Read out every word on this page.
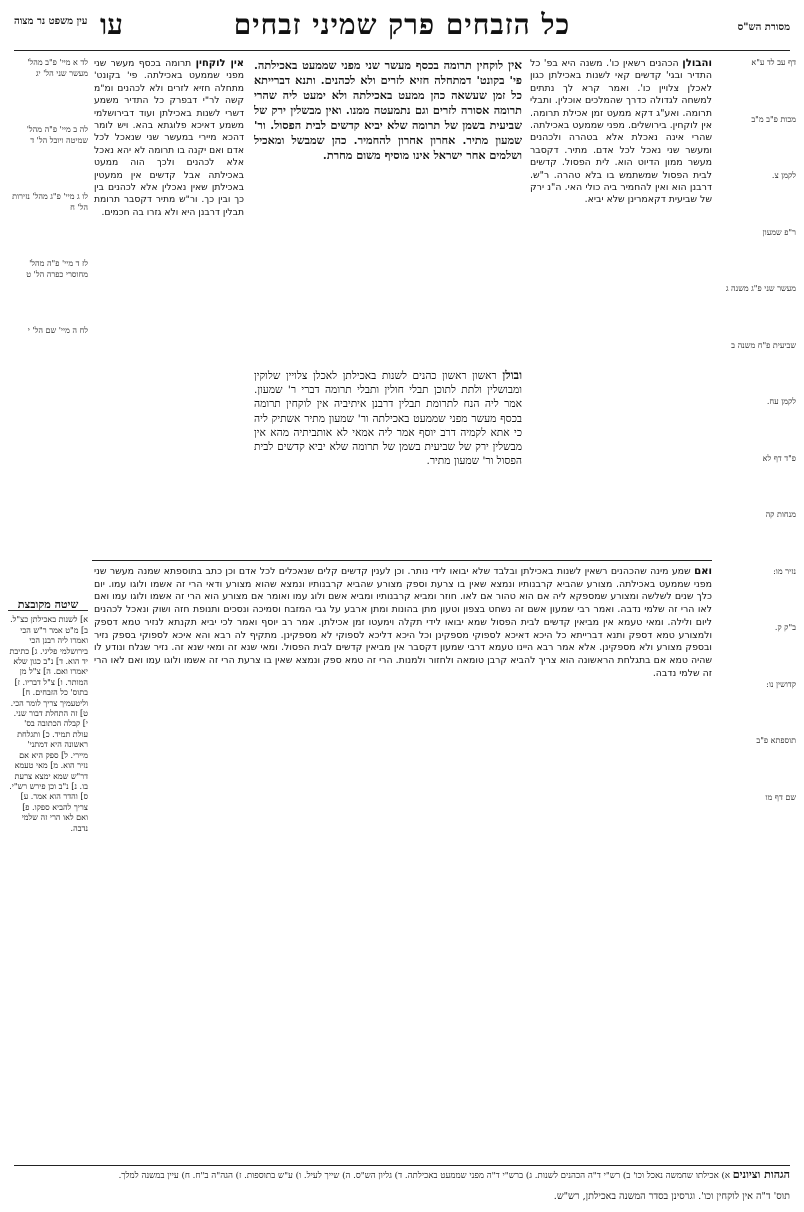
מסורת הש"ס
כל הזבחים פרק שמיני זבחים
עו
עין משפט נר מצוה
דף עב לד ע"א
מכות פ"ב מ"ב
לקמן צ.
ר"פ שמעון
מעשר שני פ"ג משנה ג
שביעית פ"ח משנה ב
לקמן עח.
פ"ד דף לא
מנחות קה
נזיר מו:
ב"ק ק.
קדושין נו:
תוספתא פ"ב
שם דף מו
אין לוקחין תרומה בכסף מעשר שני מפני שממעט באכילתה. פי' בקונט' מתחלה חזיא לזרים ולא לכהנים ומ"מ קשה לר"י דבפרק כל התדיר משמע דשרי לשנות באכילתן ועוד דבירושלמי משמע דאיכא פלוגתא בהא. ויש לומר דהכא מיירי במעשר שני שנאכל לכל אדם ואם יקנה בו תרומה לא יהא נאכל אלא לכהנים ולכך הוה ממעט באכילתה אבל קדשים אין ממעטין באכילתן שאין נאכלין אלא לכהנים בין כך ובין כך. ור"ש מתיר דקסבר תרומת תבלין דרבנן היא ולא גזרו בה חכמים.
אין לוקחין תרומה בכסף מעשר שני מפני שממעט באכילתה. פי' בקונט' דמתחלה חזיא לזרים ולא לכהנים. ותנא דברייתא כל זמן שעשאה כהן ממעט באכילתה ולא ימעט ליה שהרי תרומה אסורה לזרים וגם נתמעטה ממנו. ואין מבשלין ירק של שביעית בשמן של תרומה שלא יביא קדשים לבית הפסול. ור' שמעון מתיר. אחרון אחרון להחמיר. כהן שמבשל ומאכיל ושלמים אחר ישראל אינו מוסיף משום מחרת.
ובולן ראשון ראשון כהנים לשנות באכילתן לאכלן צלויין שלוקין ומבושלין ולתת לתוכן תבלי חולין ותבלי תרומה דברי ר' שמעון. אמר ליה הנח לתרומת תבלין דרבנן איתיביה אין לוקחין תרומה בכסף מעשר מפני שממעט באכילתה ור' שמעון מתיר אשתיק ליה כי אתא לקמיה דרב יוסף אמר ליה אמאי לא אותביתיה מהא אין מבשלין ירק של שביעית בשמן של תרומה שלא יביא קדשים לבית הפסול ור' שמעון מתיר.
והבולן הכהנים רשאין כו'. משנה היא בפ' כל התדיר ובגי' קדשים קאי לשנות באכילתן כגון לאכלן צלויין כו'. ואמר קרא לך נתתים למשחה לגדולה כדרך שהמלכים אוכלין. ותבלי תרומה. ואע"ג דקא ממעט זמן אכילת תרומה. אין לוקחין. בירושלים. מפני שממעט באכילתה. שהרי אינה נאכלת אלא בטהרה ולכהנים ומעשר שני נאכל לכל אדם. מתיר. דקסבר מעשר ממון הדיוט הוא. לית הפסול. קדשים לבית הפסול שמשתמש בו בלא טהרה. ר"ש. דרבנן הוא ואין להחמיר ביה כולי האי. ה"נ ירק של שביעית דקאמרינן שלא יביא.
ואם שמע מינה שהכהנים רשאין לשנות באכילתן ובלבד שלא יבואו לידי נותר. וכן לענין קדשים קלים שנאכלים לכל אדם וכן כתב בתוספתא שמנה מעשר שני מפני שממעט באכילתה. מצורע שהביא קרבנותיו ונמצא שאין בו צרעת וספק מצורע שהביא קרבנותיו ונמצא שהוא מצורע ודאי הרי זה אשמו ולוגו עמו. יום כלך שנים לשלשה ומצורע שמספקא ליה אם הוא טהור אם לאו. חוזר ומביא קרבנותיו ומביא אשם ולוג עמו ואומר אם מצורע הוא הרי זה אשמו ולוגו עמו ואם לאו הרי זה שלמי נדבה. ואמר רבי שמעון אשם זה נשחט בצפון וטעון מתן בהונות ומתן ארבע על גבי המזבח וסמיכה ונסכים ותנופת חזה ושוק ונאכל לכהנים ליום ולילה. ומאי טעמא אין מביאין קדשים לבית הפסול שמא יבואו לידי תקלה וימעטו זמן אכילתן. אמר רב יוסף ואמר לכי יביא תקנתא לנזיר טמא דספק ולמצורע טמא דספק ותנא דברייתא כל היכא דאיכא לספוקי מספקינן וכל היכא דליכא לספוקי לא מספקינן. מתקיף לה רבא והא איכא לספוקי בספק נזיר ובספק מצורע ולא מספקינן. אלא אמר רבא היינו טעמא דרבי שמעון דקסבר אין מביאין קדשים לבית הפסול. ומאי שנא זה ומאי שנא זה. נזיר שגלח ונודע לו שהיה טמא אם בתגלחת הראשונה הוא צריך להביא קרבן טומאה ולחזור ולמנות. הרי זה טמא ספק ונמצא שאין בו צרעת הרי זה אשמו ולוגו עמו ואם לאו הרי זה שלמי נדבה.
לד א מיי' פ"ב מהל' מעשר שני הל' יג
לה ב מיי' פ"ה מהל' שמיטה ויובל הל' ד
לו ג מיי' פ"ג מהל' נזירות הל' ח
לז ד מיי' פ"ה מהל' מחוסרי כפרה הל' ט
לח ה מיי' שם הל' י
שיטה מקובצת
א] לשנות באכילתן כצ"ל. ב] מ"ט אמר ר"ש הכי ואמרו ליה רבנן הכי בירושלמי פליגי. ג] כתיבת יד הוא. ד] נ"ב כגון שלא יאמרו ואם. ה] צ"ל מן המותר. ו] צ"ל דבריו. ז] בתוס' כל הזבחים. ח] וליטעמיך צריך לומר הכי. ט] זה התחלת דבור שני. י] קבלה הכתובה בס' עולת תמיד. כ] ותגלחת ראשונה היא דמתני' מיירי. ל] ספק היא אם נזיר הוא. מ] מאי טעמא דר"ש שמא ימצא צרעת בו. נ] נ"ב וכן פירש רש"י. ס] והדר הוא אמר. ע] צריך להביא ספקו. פ] ואם לאו הרי זה שלמי נדבה.
הגהות וציונים א) אכילתו שחמשה נאכל וכו' ב) רש"י ד"ה הכהנים לשנות. ג) ברש"י ד"ה מפני שממעט באכילתה. ד) גליון הש"ס. ה) שייך לעיל. ו) ע"ש בתוספות. ז) הגה"ה ב"ח. ח) עיין במשנה למלך.
תוס' ד"ה אין לוקחין וכו'. וגרסינן בסדר המשנה באכילתן, רש"ש.
